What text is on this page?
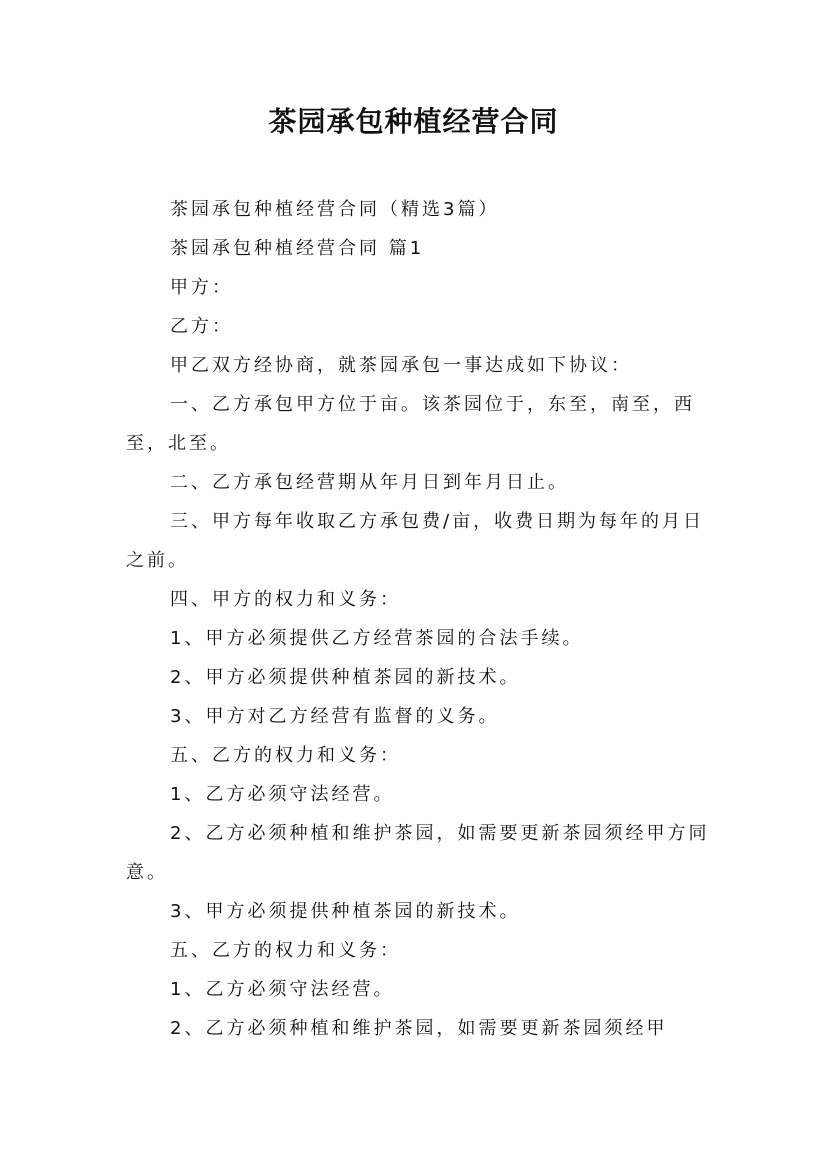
茶园承包种植经营合同

茶园承包种植经营合同（精选3篇）

茶园承包种植经营合同 篇1

甲方：

乙方：

甲乙双方经协商，就茶园承包一事达成如下协议：

一、乙方承包甲方位于亩。该茶园位于，东至，南至，西至，北至。

二、乙方承包经营期从年月日到年月日止。

三、甲方每年收取乙方承包费/亩，收费日期为每年的月日之前。

四、甲方的权力和义务：

1、甲方必须提供乙方经营茶园的合法手续。

2、甲方必须提供种植茶园的新技术。

3、甲方对乙方经营有监督的义务。

五、乙方的权力和义务：

1、乙方必须守法经营。

2、乙方必须种植和维护茶园，如需要更新茶园须经甲方同意。

3、甲方必须提供种植茶园的新技术。

五、乙方的权力和义务：

1、乙方必须守法经营。

2、乙方必须种植和维护茶园，如需要更新茶园须经甲
